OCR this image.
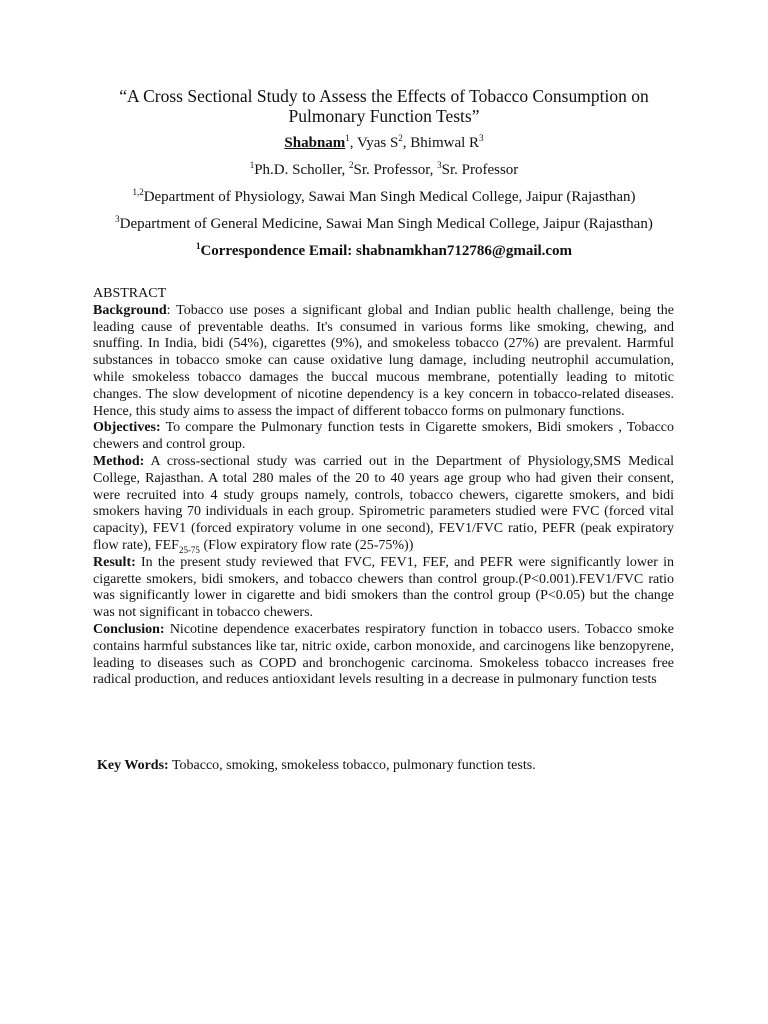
“A Cross Sectional Study to Assess the Effects of Tobacco Consumption on
Pulmonary Function Tests”
Shabnam$^1$, Vyas $S^2$, Bhimwal $R^3$
$^1$Ph.D. Scholler, $^2$Sr. Professor, $^3$Sr. Professor
$^{1,2}$Department of Physiology, Sawai Man Singh Medical College, Jaipur (Rajasthan)
$^3$Department of General Medicine, Sawai Man Singh Medical College, Jaipur (Rajasthan)
$^1$Correspondence Email: shabnamkhan712786@gmail.com

ABSTRACT

Background: Tobacco use poses a significant global and Indian public health challenge, being the leading cause of preventable deaths. It's consumed in various forms like smoking, chewing, and snuffing. In India, bidi (54%), cigarettes (9%), and smokeless tobacco (27%) are prevalent. Harmful substances in tobacco smoke can cause oxidative lung damage, including neutrophil accumulation, while smokeless tobacco damages the buccal mucous membrane, potentially leading to mitotic changes. The slow development of nicotine dependency is a key concern in tobacco-related diseases. Hence, this study aims to assess the impact of different tobacco forms on pulmonary functions.

Objectives: To compare the Pulmonary function tests in Cigarette smokers, Bidi smokers , Tobacco chewers and control group.

Method: A cross-sectional study was carried out in the Department of Physiology,SMS Medical College, Rajasthan. A total 280 males of the 20 to 40 years age group who had given their consent, were recruited into 4 study groups namely, controls, tobacco chewers, cigarette smokers, and bidi smokers having 70 individuals in each group. Spirometric parameters studied were FVC (forced vital capacity), FEV1 (forced expiratory volume in one second), FEV1/FVC ratio, PEFR (peak expiratory flow rate), $FEF_{25-75}$ (Flow expiratory flow rate (25-75%))

Result: In the present study reviewed that FVC, FEV1, FEF, and PEFR were significantly lower in cigarette smokers, bidi smokers, and tobacco chewers than control group.(P<0.001).FEV1/FVC ratio was significantly lower in cigarette and bidi smokers than the control group (P<0.05) but the change was not significant in tobacco chewers.

Conclusion: Nicotine dependence exacerbates respiratory function in tobacco users. Tobacco smoke contains harmful substances like tar, nitric oxide, carbon monoxide, and carcinogens like benzopyrene, leading to diseases such as COPD and bronchogenic carcinoma. Smokeless tobacco increases free radical production, and reduces antioxidant levels resulting in a decrease in pulmonary function tests

Key Words: Tobacco, smoking, smokeless tobacco, pulmonary function tests.
